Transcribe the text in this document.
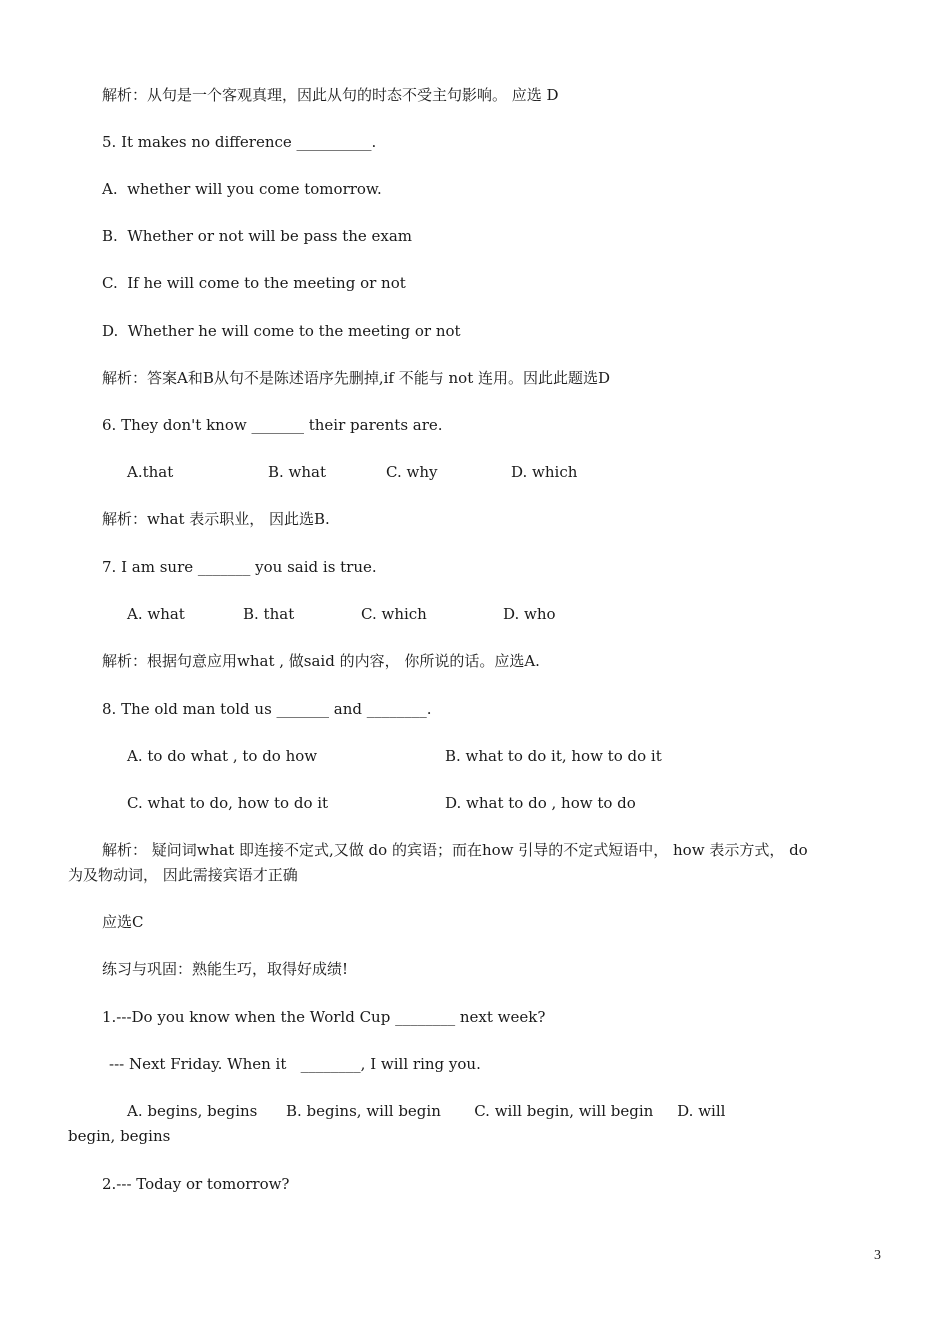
解析：从句是一个客观真理，因此从句的时态不受主句影响。 应选 D
5. It makes no difference __________.
A.  whether will you come tomorrow.
B.  Whether or not will be pass the exam
C.  If he will come to the meeting or not
D.  Whether he will come to the meeting or not
解析：答案A和B从句不是陈述语序先删掉,if 不能与 not 连用。因此此题选D
6. They don't know _______ their parents are.
A.that	B. what	C. why	D. which
解析：what 表示职业， 因此选B.
7. I am sure _______ you said is true.
A. what	B. that	C. which	D. who
解析：根据句意应用what , 做said 的内容， 你所说的话。应选A.
8. The old man told us _______ and ________.
A. to do what , to do how	B. what to do it, how to do it
C. what to do, how to do it	D. what to do , how to do
解析： 疑问词what 即连接不定式,又做 do 的宾语；而在how 引导的不定式短语中， how 表示方式， do
为及物动词， 因此需接宾语才正确
应选C
练习与巩固：熟能生巧，取得好成绩!
1.---Do you know when the World Cup ________ next week?
--- Next Friday. When it   ________, I will ring you.
A. begins, begins      B. begins, will begin       C. will begin, will begin     D. will
begin, begins
2.--- Today or tomorrow?
3
